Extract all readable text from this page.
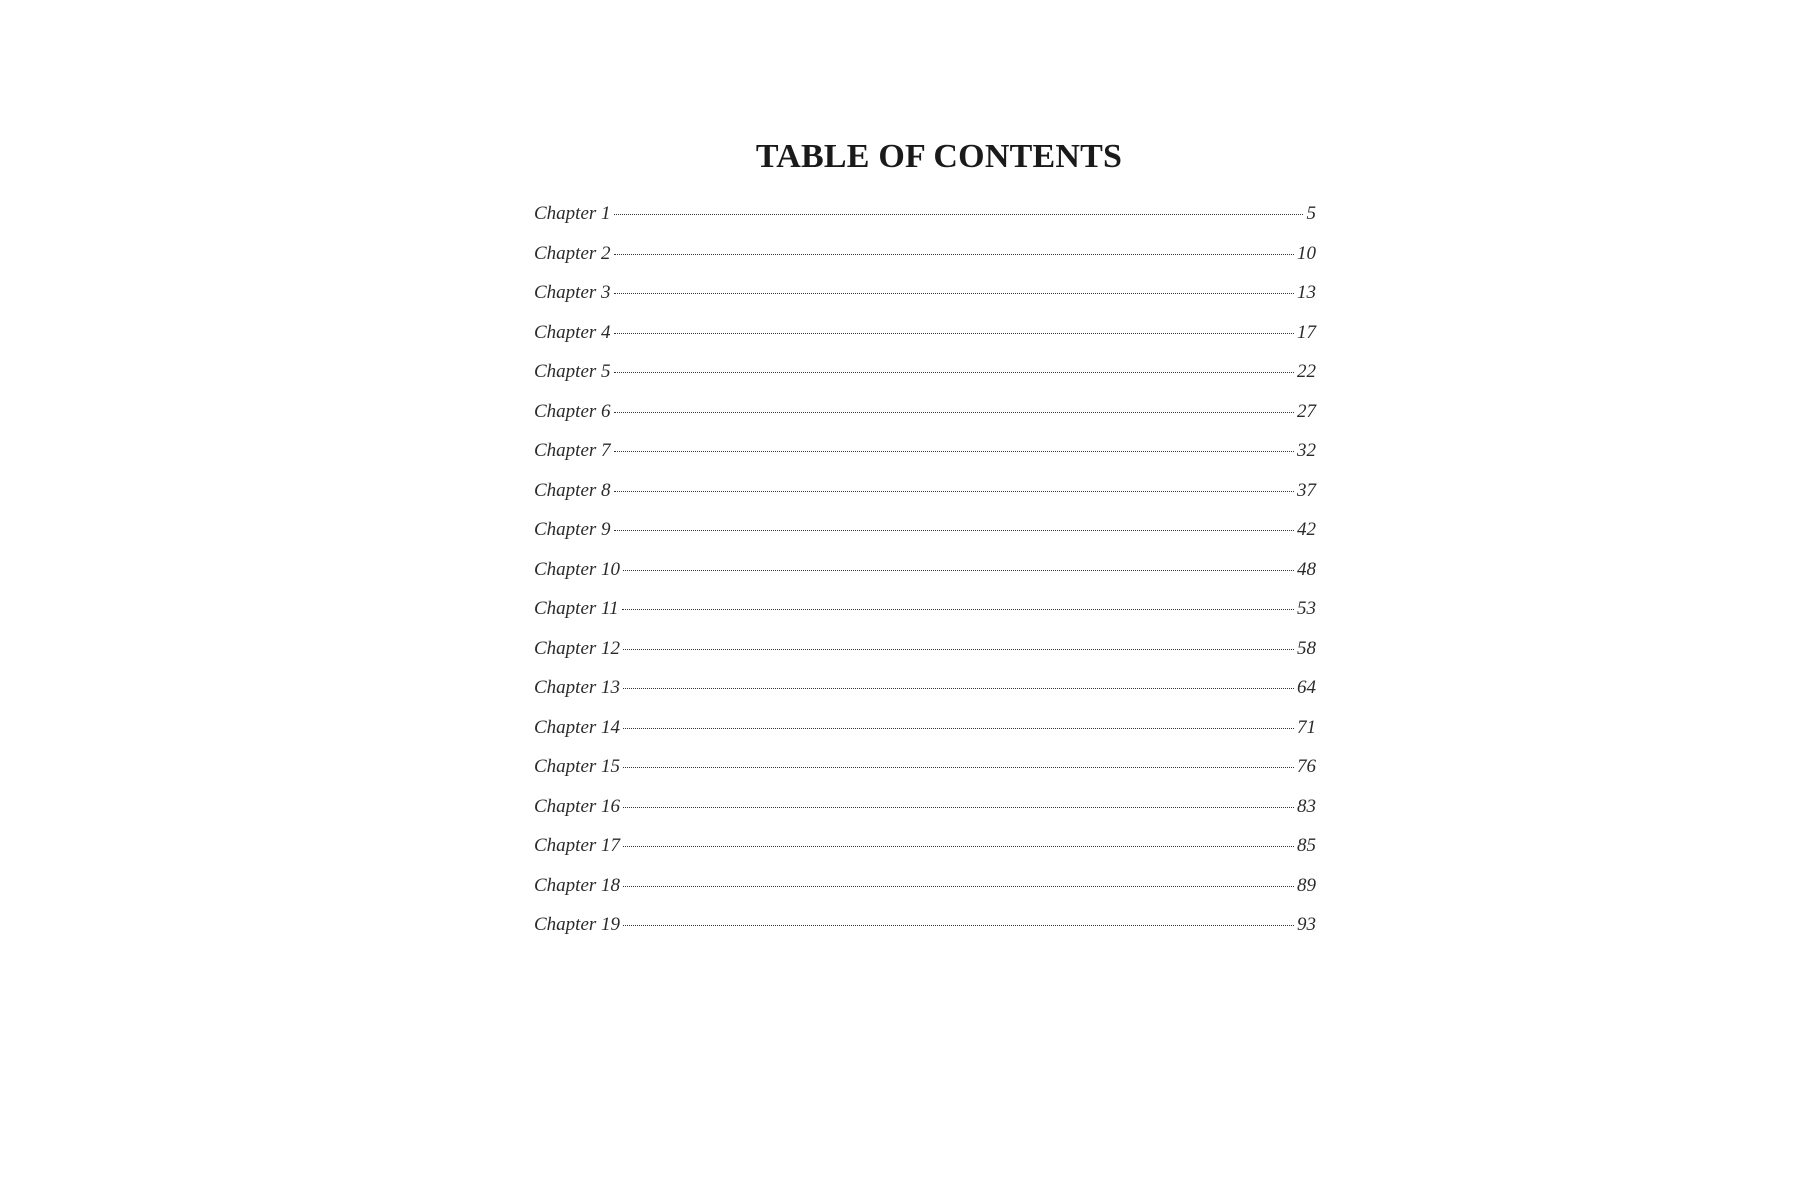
TABLE OF CONTENTS
Chapter 1	5
Chapter 2	10
Chapter 3	13
Chapter 4	17
Chapter 5	22
Chapter 6	27
Chapter 7	32
Chapter 8	37
Chapter 9	42
Chapter 10	48
Chapter 11	53
Chapter 12	58
Chapter 13	64
Chapter 14	71
Chapter 15	76
Chapter 16	83
Chapter 17	85
Chapter 18	89
Chapter 19	93
